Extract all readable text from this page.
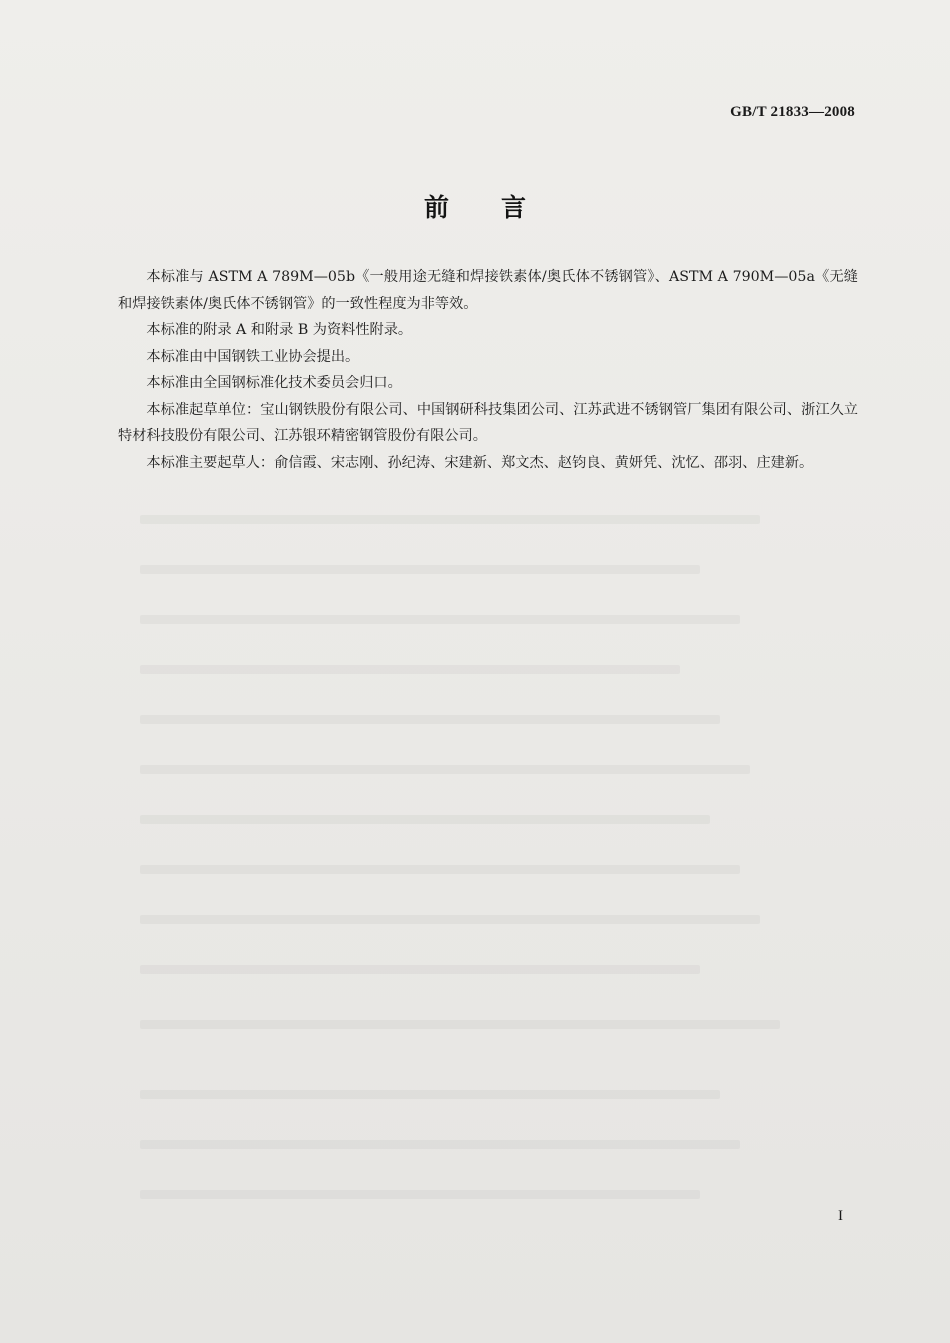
GB/T 21833—2008
前言

本标准与 ASTM A 789M—05b《一般用途无缝和焊接铁素体/奥氏体不锈钢管》、ASTM A 790M—05a《无缝和焊接铁素体/奥氏体不锈钢管》的一致性程度为非等效。

本标准的附录 A 和附录 B 为资料性附录。

本标准由中国钢铁工业协会提出。

本标准由全国钢标准化技术委员会归口。

本标准起草单位：宝山钢铁股份有限公司、中国钢研科技集团公司、江苏武进不锈钢管厂集团有限公司、浙江久立特材科技股份有限公司、江苏银环精密钢管股份有限公司。

本标准主要起草人：俞信霞、宋志刚、孙纪涛、宋建新、郑文杰、赵钧良、黄妍凭、沈忆、邵羽、庄建新。

I
